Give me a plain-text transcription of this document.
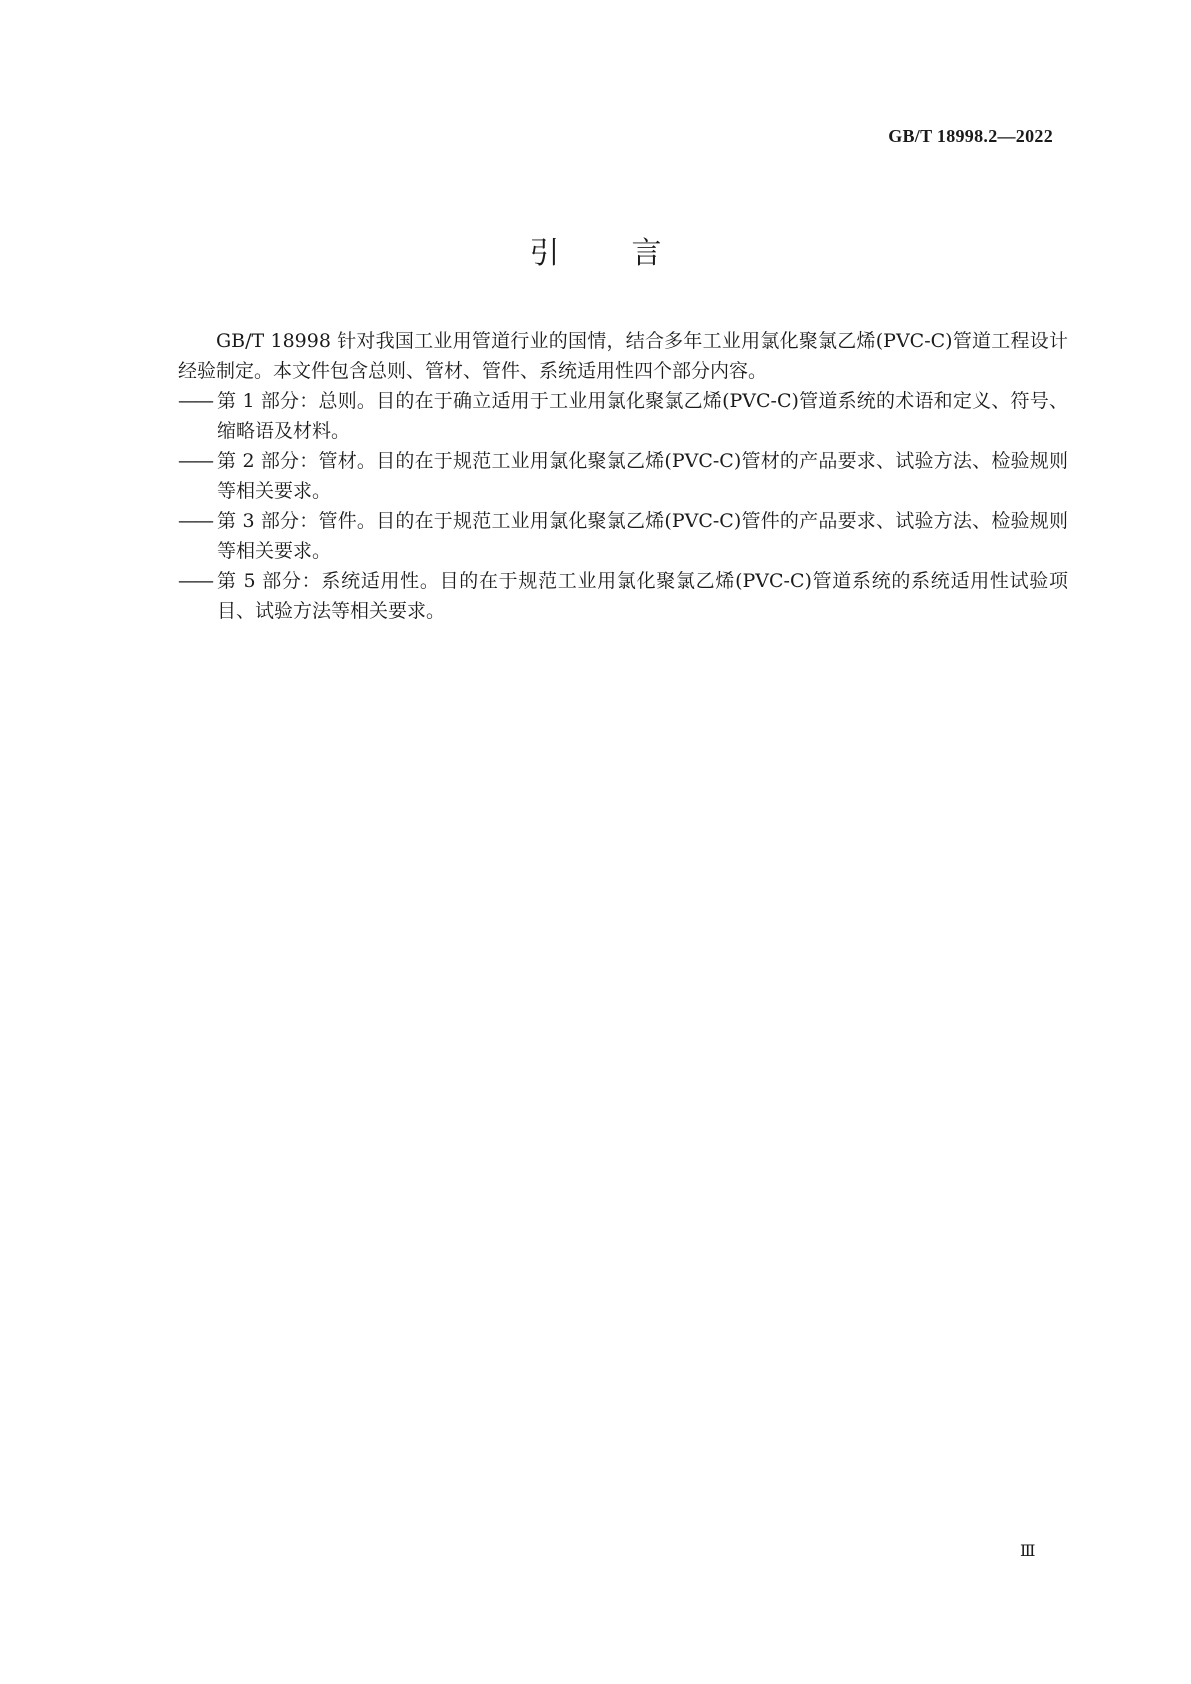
GB/T 18998.2—2022
引言

GB/T 18998 针对我国工业用管道行业的国情，结合多年工业用氯化聚氯乙烯(PVC-C)管道工程设计经验制定。本文件包含总则、管材、管件、系统适用性四个部分内容。

—— 第 1 部分：总则。目的在于确立适用于工业用氯化聚氯乙烯(PVC-C)管道系统的术语和定义、符号、缩略语及材料。
—— 第 2 部分：管材。目的在于规范工业用氯化聚氯乙烯(PVC-C)管材的产品要求、试验方法、检验规则等相关要求。
—— 第 3 部分：管件。目的在于规范工业用氯化聚氯乙烯(PVC-C)管件的产品要求、试验方法、检验规则等相关要求。
—— 第 5 部分：系统适用性。目的在于规范工业用氯化聚氯乙烯(PVC-C)管道系统的系统适用性试验项目、试验方法等相关要求。
Ⅲ
